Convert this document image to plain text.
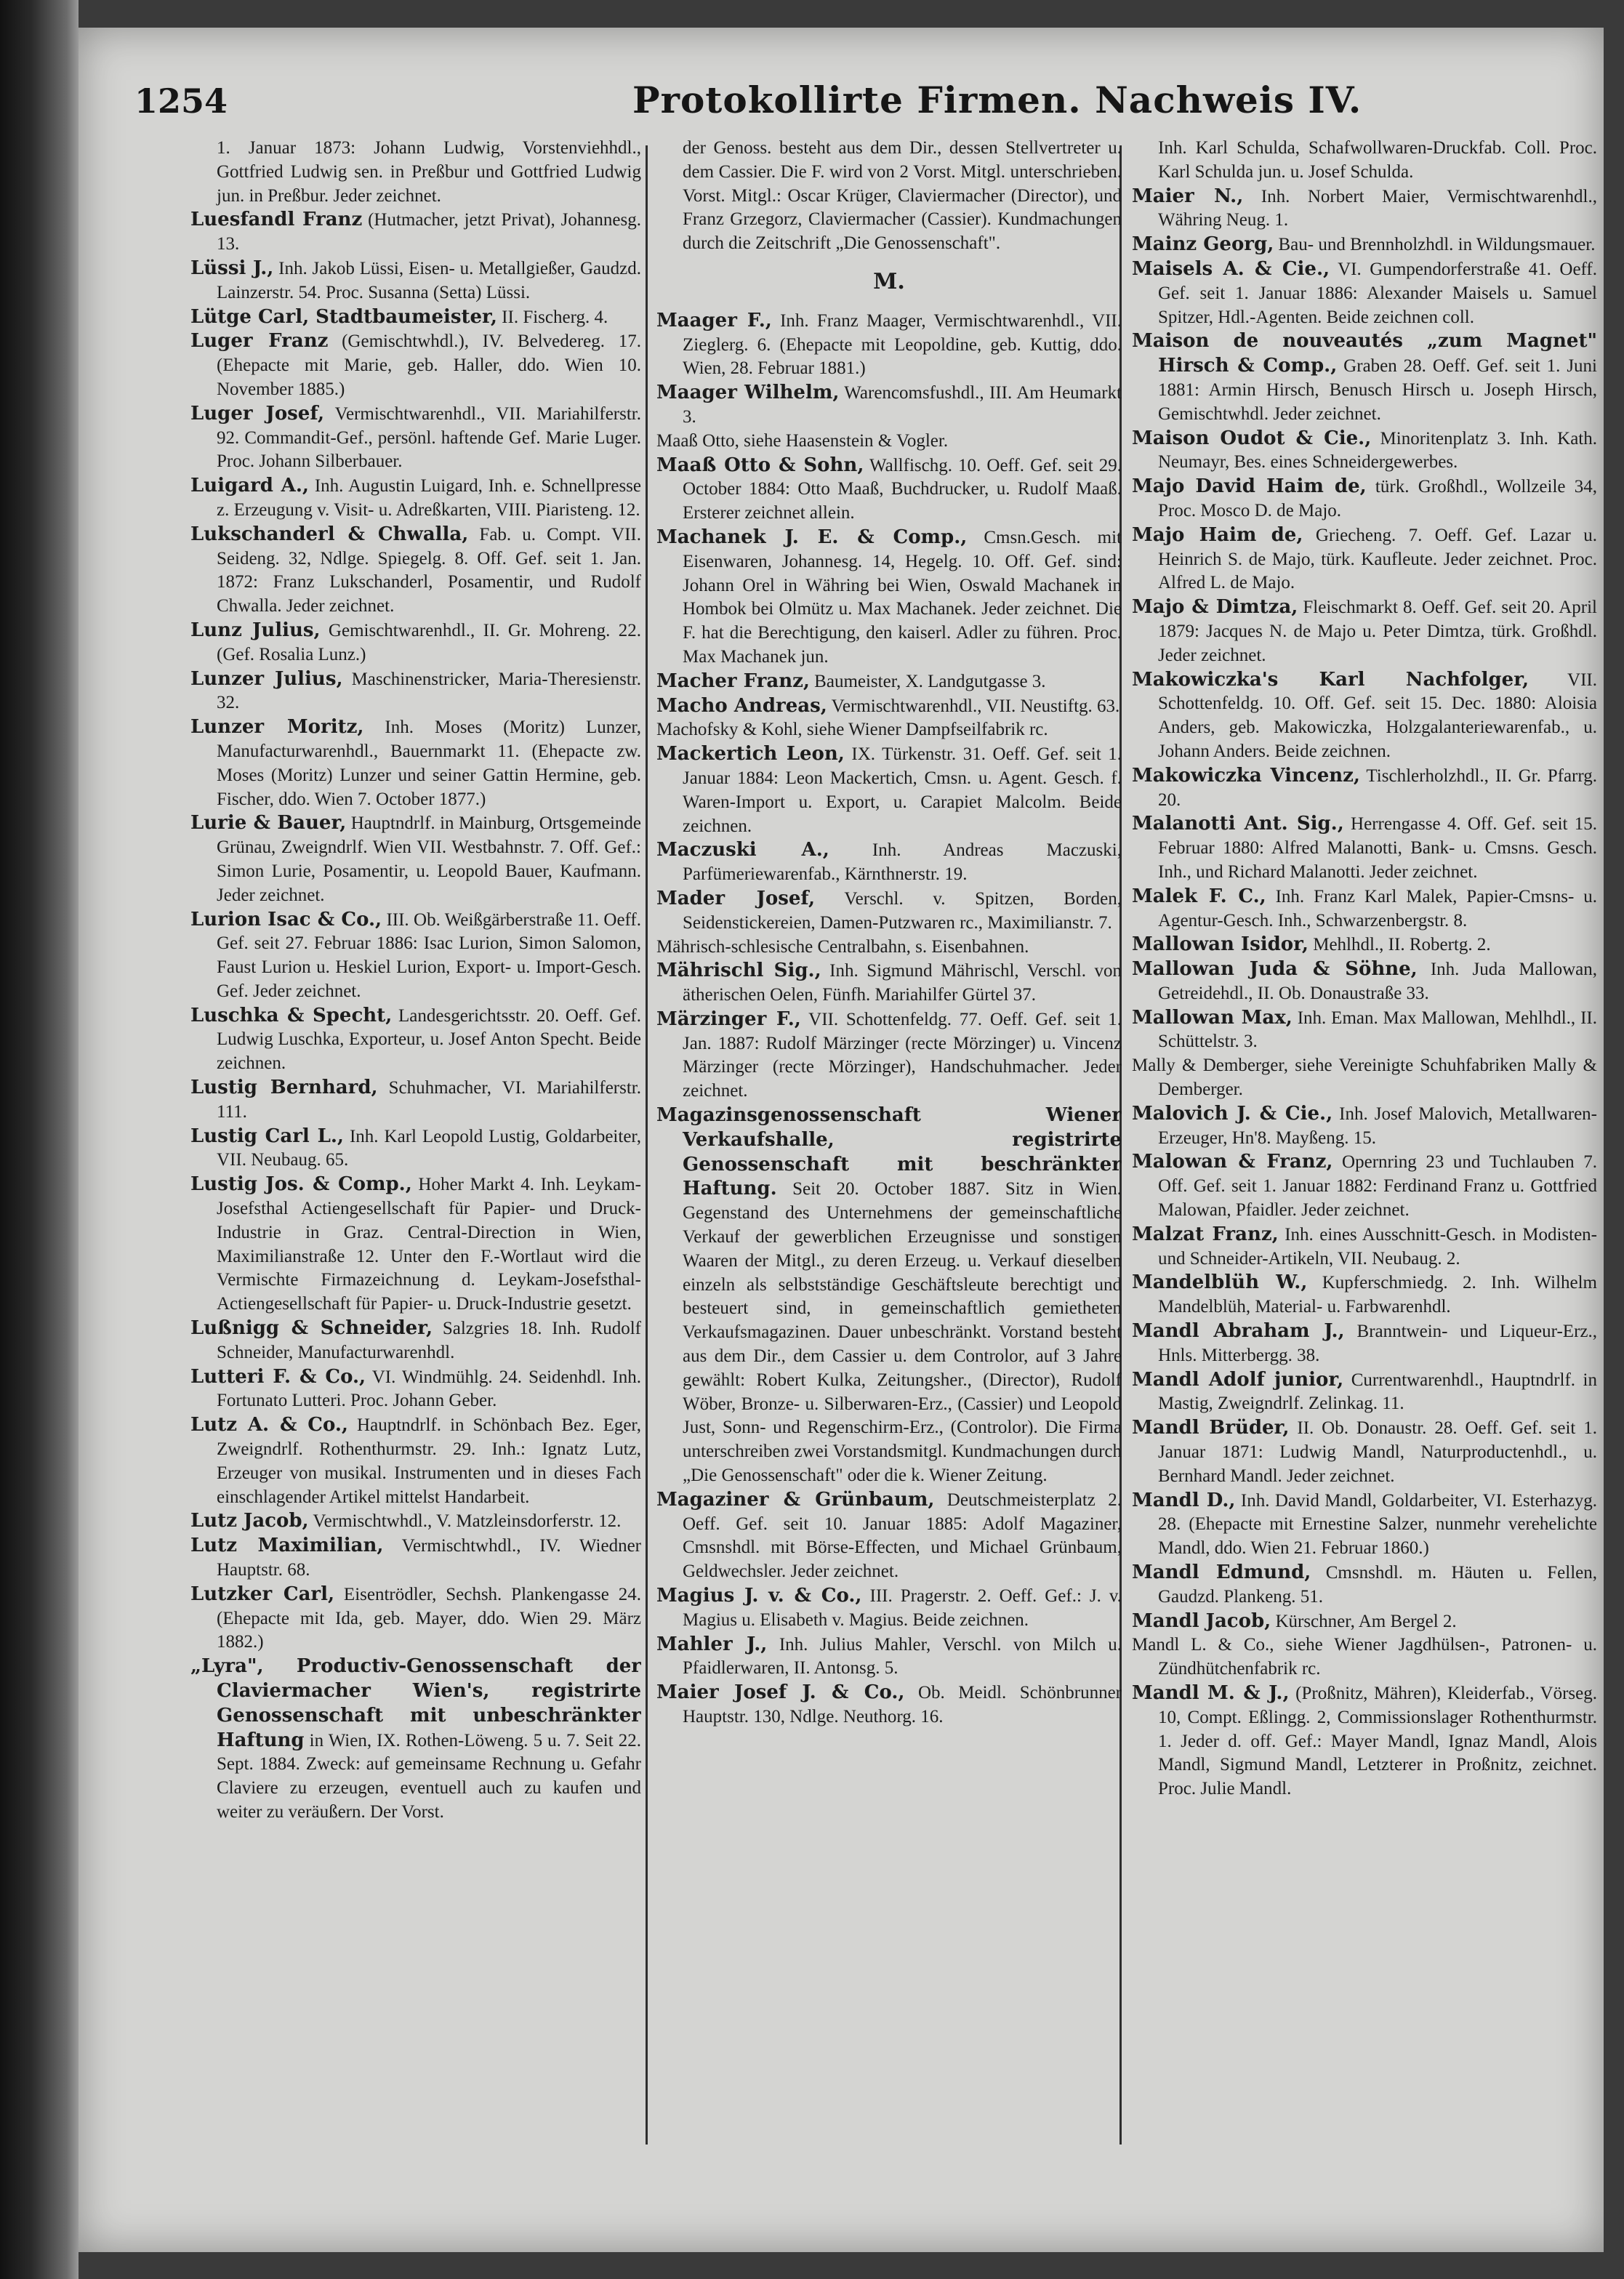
1254	Protokollirte Firmen. Nachweis IV.

1. Januar 1873: Johann Ludwig, Vorstenviehhdl., Gottfried Ludwig sen. in Preßbur und Gottfried Ludwig jun. in Preßbur. Jeder zeichnet.

Luesfandl Franz (Hutmacher, jetzt Privat), Johannesg. 13.

Lüssi J., Inh. Jakob Lüssi, Eisen- u. Metallgießer, Gaudzd. Lainzerstr. 54. Proc. Susanna (Setta) Lüssi.

Lütge Carl, Stadtbaumeister, II. Fischerg. 4.

Luger Franz (Gemischtwhdl.), IV. Belvedereg. 17. (Ehepacte mit Marie, geb. Haller, ddo. Wien 10. November 1885.)

Luger Josef, Vermischtwarenhdl., VII. Mariahilferstr. 92. Commandit-Gef., persönl. haftende Gef. Marie Luger. Proc. Johann Silberbauer.

Luigard A., Inh. Augustin Luigard, Inh. e. Schnellpresse z. Erzeugung v. Visit- u. Adreßkarten, VIII. Piaristeng. 12.

Lukschanderl & Chwalla, Fab. u. Compt. VII. Seideng. 32, Ndlge. Spiegelg. 8. Off. Gef. seit 1. Jan. 1872: Franz Lukschanderl, Posamentir, und Rudolf Chwalla. Jeder zeichnet.

Lunz Julius, Gemischtwarenhdl., II. Gr. Mohreng. 22. (Gef. Rosalia Lunz.)

Lunzer Julius, Maschinenstricker, Maria-Theresienstr. 32.

Lunzer Moritz, Inh. Moses (Moritz) Lunzer, Manufacturwarenhdl., Bauernmarkt 11. (Ehepacte zw. Moses (Moritz) Lunzer und seiner Gattin Hermine, geb. Fischer, ddo. Wien 7. October 1877.)

Lurie & Bauer, Hauptndrlf. in Mainburg, Ortsgemeinde Grünau, Zweigndrlf. Wien VII. Westbahnstr. 7. Off. Gef.: Simon Lurie, Posamentir, u. Leopold Bauer, Kaufmann. Jeder zeichnet.

Lurion Isac & Co., III. Ob. Weißgärberstraße 11. Oeff. Gef. seit 27. Februar 1886: Isac Lurion, Simon Salomon, Faust Lurion u. Heskiel Lurion, Export- u. Import-Gesch. Gef. Jeder zeichnet.

Luschka & Specht, Landesgerichtsstr. 20. Oeff. Gef. Ludwig Luschka, Exporteur, u. Josef Anton Specht. Beide zeichnen.

Lustig Bernhard, Schuhmacher, VI. Mariahilferstr. 111.

Lustig Carl L., Inh. Karl Leopold Lustig, Goldarbeiter, VII. Neubaug. 65.

Lustig Jos. & Comp., Hoher Markt 4. Inh. Leykam-Josefsthal Actiengesellschaft für Papier- und Druck-Industrie in Graz. Central-Direction in Wien, Maximilianstraße 12. Unter den F.-Wortlaut wird die Vermischte Firmazeichnung d. Leykam-Josefsthal-Actiengesellschaft für Papier- u. Druck-Industrie gesetzt.

Lußnigg & Schneider, Salzgries 18. Inh. Rudolf Schneider, Manufacturwarenhdl.

Lutteri F. & Co., VI. Windmühlg. 24. Seidenhdl. Inh. Fortunato Lutteri. Proc. Johann Geber.

Lutz A. & Co., Hauptndrlf. in Schönbach Bez. Eger, Zweigndrlf. Rothenthurmstr. 29. Inh.: Ignatz Lutz, Erzeuger von musikal. Instrumenten und in dieses Fach einschlagender Artikel mittelst Handarbeit.

Lutz Jacob, Vermischtwhdl., V. Matzleinsdorferstr. 12.

Lutz Maximilian, Vermischtwhdl., IV. Wiedner Hauptstr. 68.

Lutzker Carl, Eisentrödler, Sechsh. Plankengasse 24. (Ehepacte mit Ida, geb. Mayer, ddo. Wien 29. März 1882.)

„Lyra", Productiv-Genossenschaft der Claviermacher Wien's, registrirte Genossenschaft mit unbeschränkter Haftung in Wien, IX. Rothen-Löweng. 5 u. 7. Seit 22. Sept. 1884. Zweck: auf gemeinsame Rechnung u. Gefahr Claviere zu erzeugen, eventuell auch zu kaufen und weiter zu veräußern. Der Vorst.

der Genoss. besteht aus dem Dir., dessen Stellvertreter u. dem Cassier. Die F. wird von 2 Vorst. Mitgl. unterschrieben. Vorst. Mitgl.: Oscar Krüger, Claviermacher (Director), und Franz Grzegorz, Claviermacher (Cassier). Kundmachungen durch die Zeitschrift „Die Genossenschaft".

M.

Maager F., Inh. Franz Maager, Vermischtwarenhdl., VII. Zieglerg. 6. (Ehepacte mit Leopoldine, geb. Kuttig, ddo. Wien, 28. Februar 1881.)

Maager Wilhelm, Warencomsfushdl., III. Am Heumarkt 3.

Maaß Otto, siehe Haasenstein & Vogler.

Maaß Otto & Sohn, Wallfischg. 10. Oeff. Gef. seit 29. October 1884: Otto Maaß, Buchdrucker, u. Rudolf Maaß. Ersterer zeichnet allein.

Machanek J. E. & Comp., Cmsn.Gesch. mit Eisenwaren, Johannesg. 14, Hegelg. 10. Off. Gef. sind: Johann Orel in Währing bei Wien, Oswald Machanek in Hombok bei Olmütz u. Max Machanek. Jeder zeichnet. Die F. hat die Berechtigung, den kaiserl. Adler zu führen. Proc. Max Machanek jun.

Macher Franz, Baumeister, X. Landgutgasse 3.

Macho Andreas, Vermischtwarenhdl., VII. Neustiftg. 63.

Machofsky & Kohl, siehe Wiener Dampfseilfabrik rc.

Mackertich Leon, IX. Türkenstr. 31. Oeff. Gef. seit 1. Januar 1884: Leon Mackertich, Cmsn. u. Agent. Gesch. f. Waren-Import u. Export, u. Carapiet Malcolm. Beide zeichnen.

Maczuski A., Inh. Andreas Maczuski, Parfümeriewarenfab., Kärnthnerstr. 19.

Mader Josef, Verschl. v. Spitzen, Borden, Seidenstickereien, Damen-Putzwaren rc., Maximilianstr. 7.

Mährisch-schlesische Centralbahn, s. Eisenbahnen.

Mährischl Sig., Inh. Sigmund Mährischl, Verschl. von ätherischen Oelen, Fünfh. Mariahilfer Gürtel 37.

Märzinger F., VII. Schottenfeldg. 77. Oeff. Gef. seit 1. Jan. 1887: Rudolf Märzinger (recte Mörzinger) u. Vincenz Märzinger (recte Mörzinger), Handschuhmacher. Jeder zeichnet.

Magazinsgenossenschaft Wiener Verkaufshalle, registrirte Genossenschaft mit beschränkter Haftung. Seit 20. October 1887. Sitz in Wien. Gegenstand des Unternehmens der gemeinschaftliche Verkauf der gewerblichen Erzeugnisse und sonstigen Waaren der Mitgl., zu deren Erzeug. u. Verkauf dieselben einzeln als selbstständige Geschäftsleute berechtigt und besteuert sind, in gemeinschaftlich gemietheten Verkaufsmagazinen. Dauer unbeschränkt. Vorstand besteht aus dem Dir., dem Cassier u. dem Controlor, auf 3 Jahre gewählt: Robert Kulka, Zeitungsher., (Director), Rudolf Wöber, Bronze- u. Silberwaren-Erz., (Cassier) und Leopold Just, Sonn- und Regenschirm-Erz., (Controlor). Die Firma unterschreiben zwei Vorstandsmitgl. Kundmachungen durch „Die Genossenschaft" oder die k. Wiener Zeitung.

Magaziner & Grünbaum, Deutschmeisterplatz 2. Oeff. Gef. seit 10. Januar 1885: Adolf Magaziner, Cmsnshdl. mit Börse-Effecten, und Michael Grünbaum, Geldwechsler. Jeder zeichnet.

Magius J. v. & Co., III. Pragerstr. 2. Oeff. Gef.: J. v. Magius u. Elisabeth v. Magius. Beide zeichnen.

Mahler J., Inh. Julius Mahler, Verschl. von Milch u. Pfaidlerwaren, II. Antonsg. 5.

Maier Josef J. & Co., Ob. Meidl. Schönbrunner Hauptstr. 130, Ndlge. Neuthorg. 16.

Inh. Karl Schulda, Schafwollwaren-Druckfab. Coll. Proc. Karl Schulda jun. u. Josef Schulda.

Maier N., Inh. Norbert Maier, Vermischtwarenhdl., Währing Neug. 1.

Mainz Georg, Bau- und Brennholzhdl. in Wildungsmauer.

Maisels A. & Cie., VI. Gumpendorferstraße 41. Oeff. Gef. seit 1. Januar 1886: Alexander Maisels u. Samuel Spitzer, Hdl.-Agenten. Beide zeichnen coll.

Maison de nouveautés „zum Magnet" Hirsch & Comp., Graben 28. Oeff. Gef. seit 1. Juni 1881: Armin Hirsch, Benusch Hirsch u. Joseph Hirsch, Gemischtwhdl. Jeder zeichnet.

Maison Oudot & Cie., Minoritenplatz 3. Inh. Kath. Neumayr, Bes. eines Schneidergewerbes.

Majo David Haim de, türk. Großhdl., Wollzeile 34, Proc. Mosco D. de Majo.

Majo Haim de, Griecheng. 7. Oeff. Gef. Lazar u. Heinrich S. de Majo, türk. Kaufleute. Jeder zeichnet. Proc. Alfred L. de Majo.

Majo & Dimtza, Fleischmarkt 8. Oeff. Gef. seit 20. April 1879: Jacques N. de Majo u. Peter Dimtza, türk. Großhdl. Jeder zeichnet.

Makowiczka's Karl Nachfolger, VII. Schottenfeldg. 10. Off. Gef. seit 15. Dec. 1880: Aloisia Anders, geb. Makowiczka, Holzgalanteriewarenfab., u. Johann Anders. Beide zeichnen.

Makowiczka Vincenz, Tischlerholzhdl., II. Gr. Pfarrg. 20.

Malanotti Ant. Sig., Herrengasse 4. Off. Gef. seit 15. Februar 1880: Alfred Malanotti, Bank- u. Cmsns. Gesch. Inh., und Richard Malanotti. Jeder zeichnet.

Malek F. C., Inh. Franz Karl Malek, Papier-Cmsns- u. Agentur-Gesch. Inh., Schwarzenbergstr. 8.

Mallowan Isidor, Mehlhdl., II. Robertg. 2.

Mallowan Juda & Söhne, Inh. Juda Mallowan, Getreidehdl., II. Ob. Donaustraße 33.

Mallowan Max, Inh. Eman. Max Mallowan, Mehlhdl., II. Schüttelstr. 3.

Mally & Demberger, siehe Vereinigte Schuhfabriken Mally & Demberger.

Malovich J. & Cie., Inh. Josef Malovich, Metallwaren-Erzeuger, Hn'8. Mayßeng. 15.

Malowan & Franz, Opernring 23 und Tuchlauben 7. Off. Gef. seit 1. Januar 1882: Ferdinand Franz u. Gottfried Malowan, Pfaidler. Jeder zeichnet.

Malzat Franz, Inh. eines Ausschnitt-Gesch. in Modisten- und Schneider-Artikeln, VII. Neubaug. 2.

Mandelblüh W., Kupferschmiedg. 2. Inh. Wilhelm Mandelblüh, Material- u. Farbwarenhdl.

Mandl Abraham J., Branntwein- und Liqueur-Erz., Hnls. Mitterbergg. 38.

Mandl Adolf junior, Currentwarenhdl., Hauptndrlf. in Mastig, Zweigndrlf. Zelinkag. 11.

Mandl Brüder, II. Ob. Donaustr. 28. Oeff. Gef. seit 1. Januar 1871: Ludwig Mandl, Naturproductenhdl., u. Bernhard Mandl. Jeder zeichnet.

Mandl D., Inh. David Mandl, Goldarbeiter, VI. Esterhazyg. 28. (Ehepacte mit Ernestine Salzer, nunmehr verehelichte Mandl, ddo. Wien 21. Februar 1860.)

Mandl Edmund, Cmsnshdl. m. Häuten u. Fellen, Gaudzd. Plankeng. 51.

Mandl Jacob, Kürschner, Am Bergel 2.

Mandl L. & Co., siehe Wiener Jagdhülsen-, Patronen- u. Zündhütchenfabrik rc.

Mandl M. & J., (Proßnitz, Mähren), Kleiderfab., Vörseg. 10, Compt. Eßlingg. 2, Commissionslager Rothenthurmstr. 1. Jeder d. off. Gef.: Mayer Mandl, Ignaz Mandl, Alois Mandl, Sigmund Mandl, Letzterer in Proßnitz, zeichnet. Proc. Julie Mandl.
